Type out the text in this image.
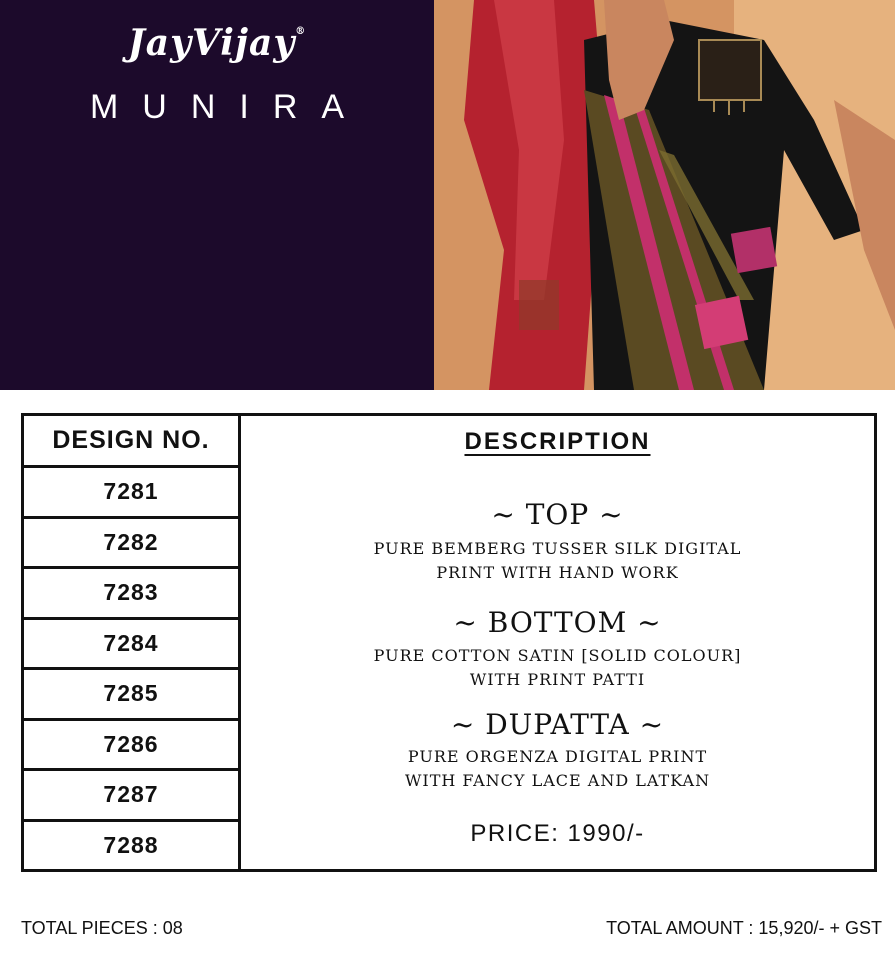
JayVijay®
MUNIRA
DESIGN NO.
7281
7282
7283
7284
7285
7286
7287
7288
DESCRIPTION
~ TOP ~
PURE BEMBERG TUSSER SILK DIGITAL
PRINT WITH HAND WORK
~ BOTTOM ~
PURE COTTON SATIN [SOLID COLOUR]
WITH PRINT PATTI
~ DUPATTA ~
PURE ORGENZA DIGITAL PRINT
WITH FANCY LACE AND LATKAN
PRICE: 1990/-
TOTAL PIECES : 08	TOTAL AMOUNT : 15,920/- + GST
